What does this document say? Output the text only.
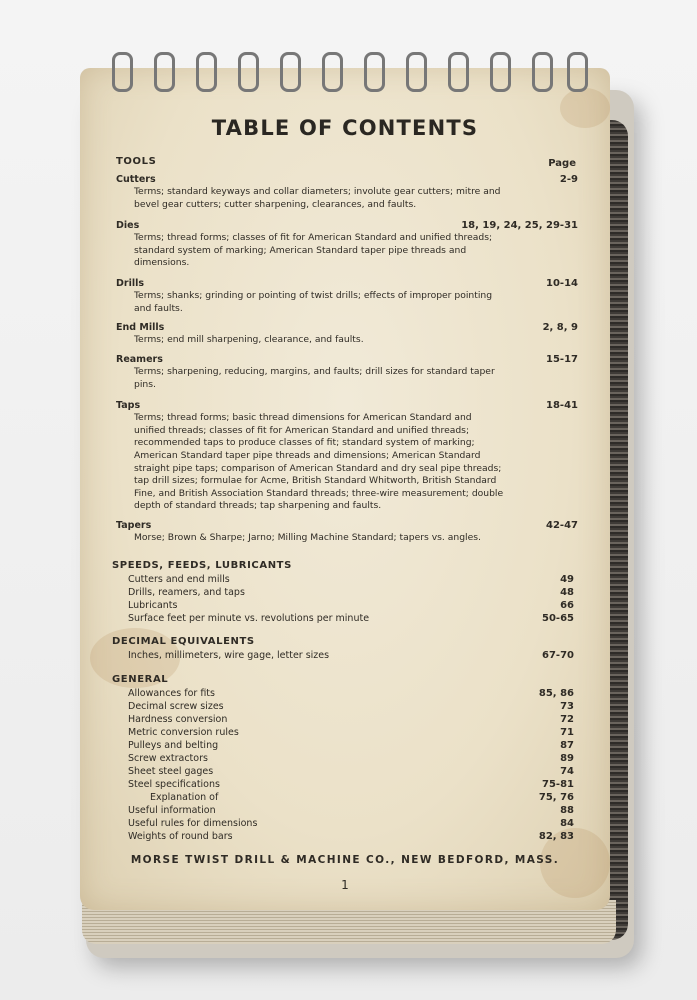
TABLE OF CONTENTS
TOOLS	Page
Cutters	2-9
Terms; standard keyways and collar diameters; involute gear cutters; mitre and bevel gear cutters; cutter sharpening, clearances, and faults.
Dies	18, 19, 24, 25, 29-31
Terms; thread forms; classes of fit for American Standard and unified threads; standard system of marking; American Standard taper pipe threads and dimensions.
Drills	10-14
Terms; shanks; grinding or pointing of twist drills; effects of improper pointing and faults.
End Mills	2, 8, 9
Terms; end mill sharpening, clearance, and faults.
Reamers	15-17
Terms; sharpening, reducing, margins, and faults; drill sizes for standard taper pins.
Taps	18-41
Terms; thread forms; basic thread dimensions for American Standard and unified threads; classes of fit for American Standard and unified threads; recommended taps to produce classes of fit; standard system of marking; American Standard taper pipe threads and dimensions; American Standard straight pipe taps; comparison of American Standard and dry seal pipe threads; tap drill sizes; formulae for Acme, British Standard Whitworth, British Standard Fine, and British Association Standard threads; three-wire measurement; double depth of standard threads; tap sharpening and faults.
Tapers	42-47
Morse; Brown & Sharpe; Jarno; Milling Machine Standard; tapers vs. angles.
SPEEDS, FEEDS, LUBRICANTS
Cutters and end mills	49
Drills, reamers, and taps	48
Lubricants	66
Surface feet per minute vs. revolutions per minute	50-65
DECIMAL EQUIVALENTS
Inches, millimeters, wire gage, letter sizes	67-70
GENERAL
Allowances for fits	85, 86
Decimal screw sizes	73
Hardness conversion	72
Metric conversion rules	71
Pulleys and belting	87
Screw extractors	89
Sheet steel gages	74
Steel specifications	75-81
Explanation of	75, 76
Useful information	88
Useful rules for dimensions	84
Weights of round bars	82, 83
MORSE TWIST DRILL & MACHINE CO., NEW BEDFORD, MASS.
1
